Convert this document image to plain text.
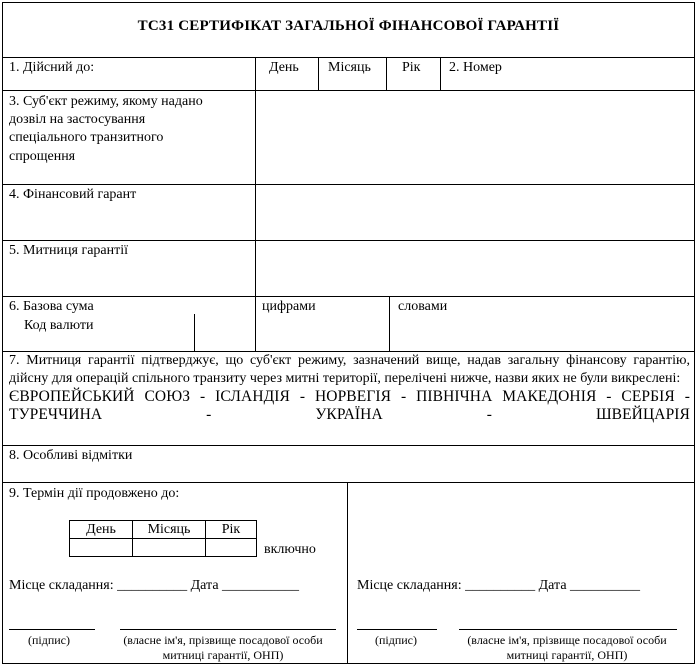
ТС31 СЕРТИФІКАТ ЗАГАЛЬНОЇ ФІНАНСОВОЇ ГАРАНТІЇ
1. Дійсний до:	День Місяць Рік 2. Номер
3. Суб'єкт режиму, якому надано
дозвіл на застосування
спеціального транзитного
спрощення
4. Фінансовий гарант
5. Митниця гарантії
6. Базова сума
Код валюти
цифрами	словами
7. Митниця гарантії підтверджує, що суб'єкт режиму, зазначений вище, надав загальну фінансову гарантію, дійсну для операцій спільного транзиту через митні території, перелічені нижче, назви яких не були викреслені:
ЄВРОПЕЙСЬКИЙ СОЮЗ - ІСЛАНДІЯ - НОРВЕГІЯ - ПІВНІЧНА МАКЕДОНІЯ - СЕРБІЯ - ТУРЕЧЧИНА - УКРАЇНА - ШВЕЙЦАРІЯ
8. Особливі відмітки
9. Термін дії продовжено до:
День	Місяць	Рік

включно
Місце складання: __________ Дата ___________	Місце складання: __________ Дата __________
(підпис)	(власне ім'я, прізвище посадової особи
митниці гарантії, ОНП)
(підпис)	(власне ім'я, прізвище посадової особи
митниці гарантії, ОНП)
